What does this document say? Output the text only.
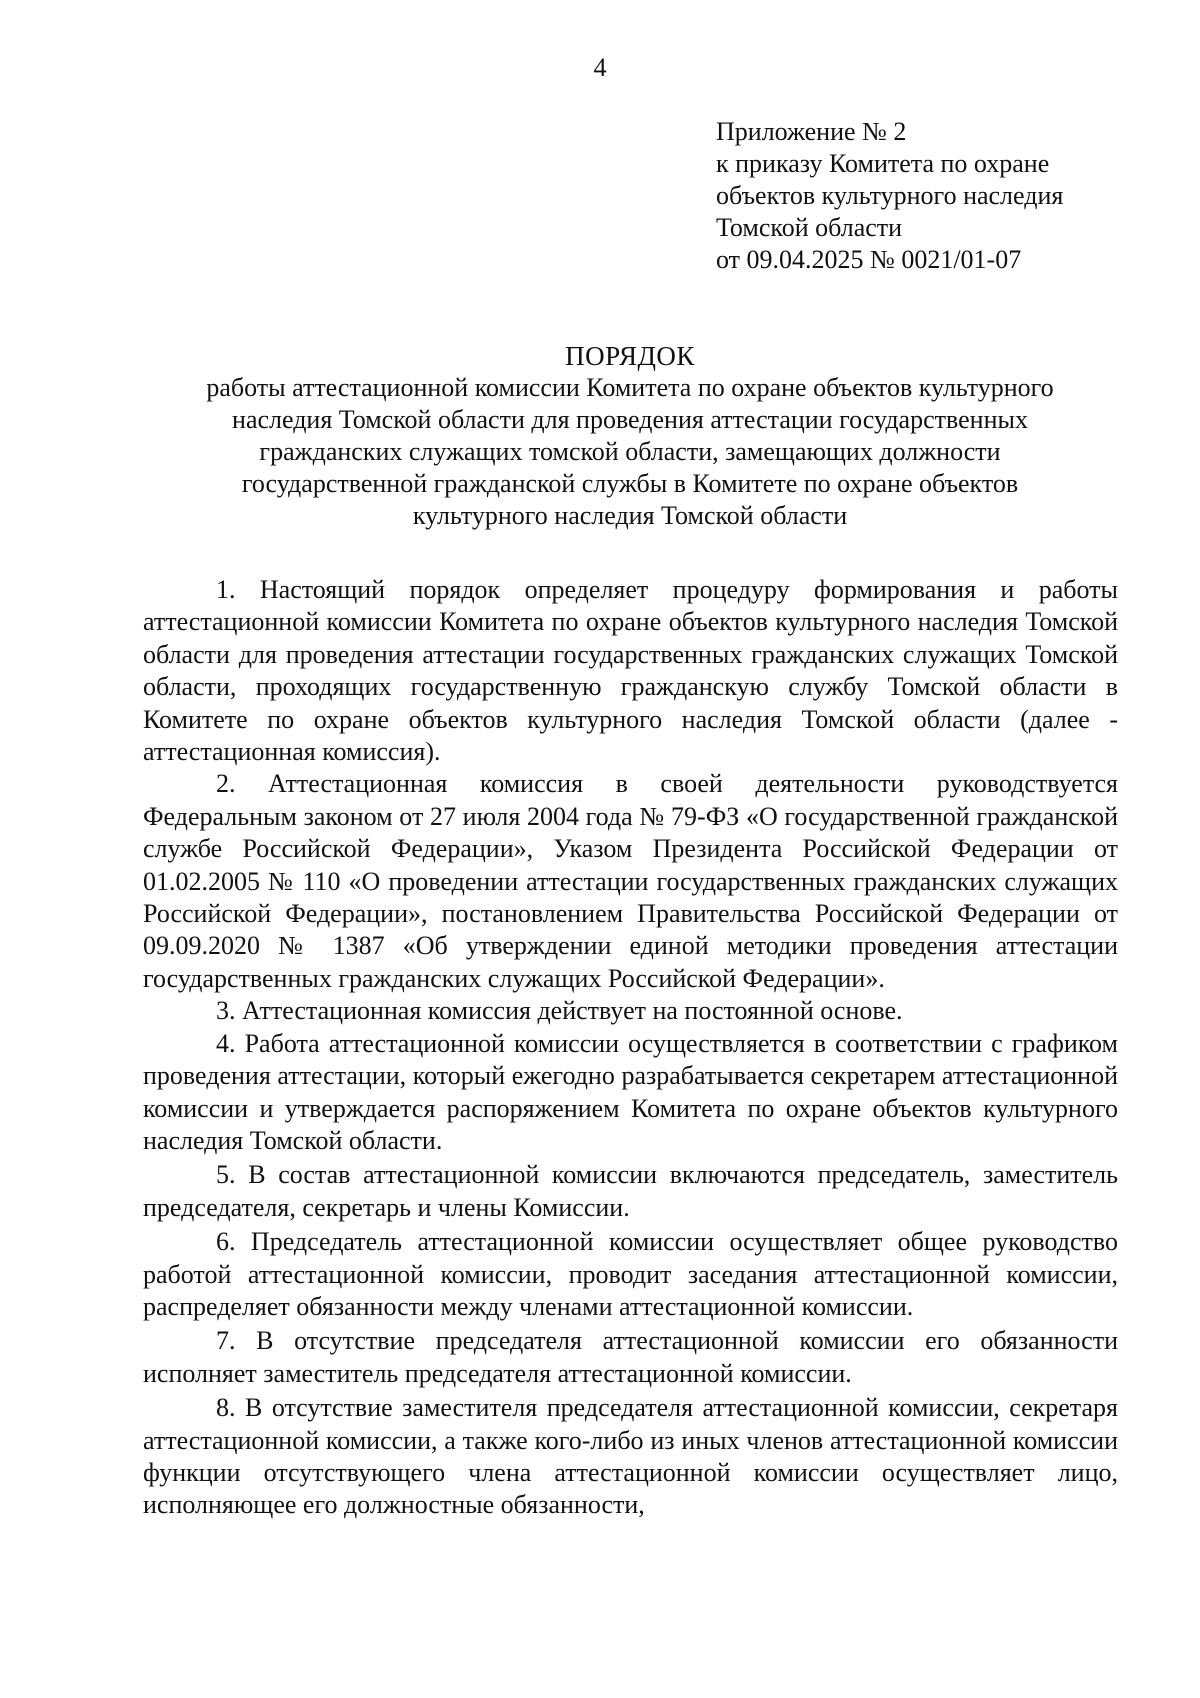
4
Приложение № 2
к приказу Комитета по охране
объектов культурного наследия
Томской области
от 09.04.2025 № 0021/01-07
ПОРЯДОК
работы аттестационной комиссии Комитета по охране объектов культурного
наследия Томской области для проведения аттестации государственных
гражданских служащих томской области, замещающих должности
государственной гражданской службы в Комитете по охране объектов
культурного наследия Томской области

1. Настоящий порядок определяет процедуру формирования и работы аттестационной комиссии Комитета по охране объектов культурного наследия Томской области для проведения аттестации государственных гражданских служащих Томской области, проходящих государственную гражданскую службу Томской области в Комитете по охране объектов культурного наследия Томской области (далее - аттестационная комиссия).

2. Аттестационная комиссия в своей деятельности руководствуется Федеральным законом от 27 июля 2004 года № 79-ФЗ «О государственной гражданской службе Российской Федерации», Указом Президента Российской Федерации от 01.02.2005 № 110 «О проведении аттестации государственных гражданских служащих Российской Федерации», постановлением Правительства Российской Федерации от 09.09.2020 № 1387 «Об утверждении единой методики проведения аттестации государственных гражданских служащих Российской Федерации».

3. Аттестационная комиссия действует на постоянной основе.

4. Работа аттестационной комиссии осуществляется в соответствии с графиком проведения аттестации, который ежегодно разрабатывается секретарем аттестационной комиссии и утверждается распоряжением Комитета по охране объектов культурного наследия Томской области.

5. В состав аттестационной комиссии включаются председатель, заместитель председателя, секретарь и члены Комиссии.

6. Председатель аттестационной комиссии осуществляет общее руководство работой аттестационной комиссии, проводит заседания аттестационной комиссии, распределяет обязанности между членами аттестационной комиссии.

7. В отсутствие председателя аттестационной комиссии его обязанности исполняет заместитель председателя аттестационной комиссии.

8. В отсутствие заместителя председателя аттестационной комиссии, секретаря аттестационной комиссии, а также кого-либо из иных членов аттестационной комиссии функции отсутствующего члена аттестационной комиссии осуществляет лицо, исполняющее его должностные обязанности,
